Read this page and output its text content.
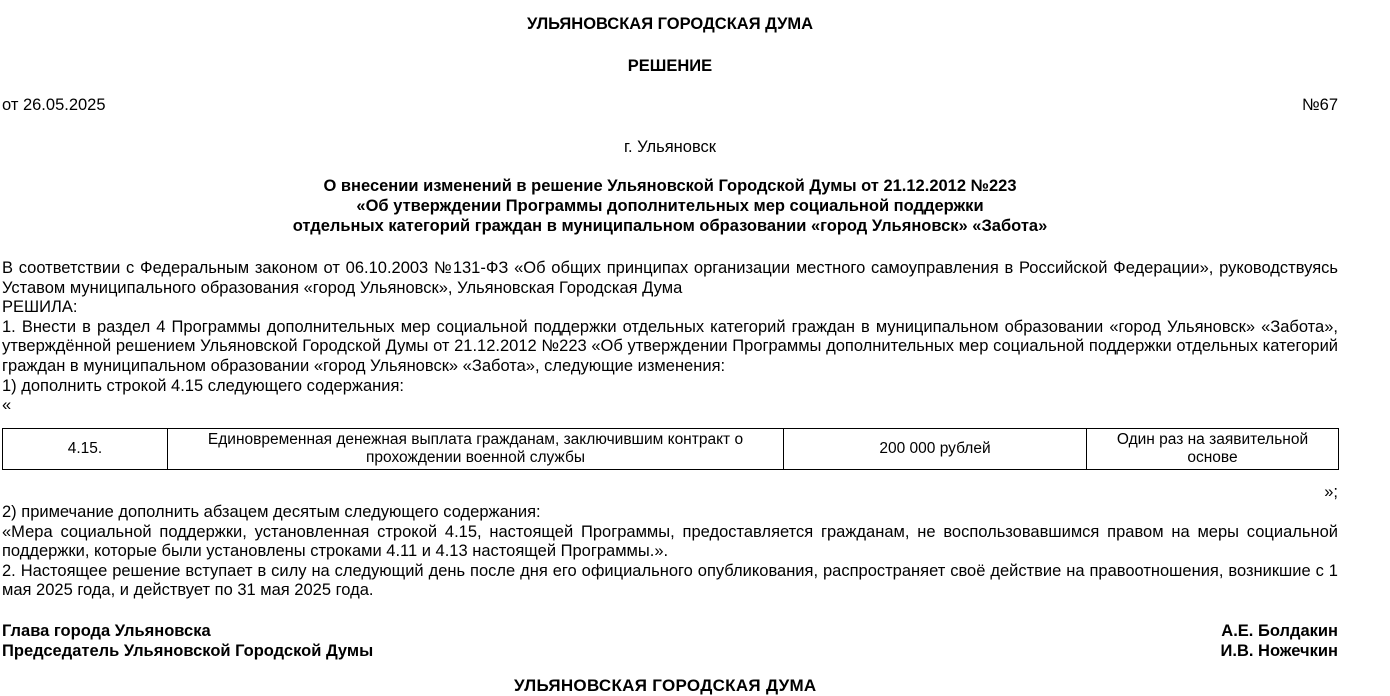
УЛЬЯНОВСКАЯ ГОРОДСКАЯ ДУМА
РЕШЕНИЕ
от 26.05.2025	№67
г. Ульяновск
О внесении изменений в решение Ульяновской Городской Думы от 21.12.2012 №223
«Об утверждении Программы дополнительных мер социальной поддержки
отдельных категорий граждан в муниципальном образовании «город Ульяновск» «Забота»

В соответствии с Федеральным законом от 06.10.2003 №131-ФЗ «Об общих принципах организации местного самоуправления в Российской Федерации», руководствуясь Уставом муниципального образования «город Ульяновск», Ульяновская Городская Дума

РЕШИЛА:

1. Внести в раздел 4 Программы дополнительных мер социальной поддержки отдельных категорий граждан в муниципальном образовании «город Ульяновск» «Забота», утверждённой решением Ульяновской Городской Думы от 21.12.2012 №223 «Об утверждении Программы дополнительных мер социальной поддержки отдельных категорий граждан в муниципальном образовании «город Ульяновск» «Забота», следующие изменения:

1) дополнить строкой 4.15 следующего содержания:

«

4.15.	Единовременная денежная выплата гражданам, заключившим контракт о прохождении военной службы	200 000 рублей	Один раз на заявительной основе
»;

2) примечание дополнить абзацем десятым следующего содержания:

«Мера социальной поддержки, установленная строкой 4.15, настоящей Программы, предоставляется гражданам, не воспользовавшимся правом на меры социальной поддержки, которые были установлены строками 4.11 и 4.13 настоящей Программы.».

2. Настоящее решение вступает в силу на следующий день после дня его официального опубликования, распространяет своё действие на правоотношения, возникшие с 1 мая 2025 года, и действует по 31 мая 2025 года.

Глава города Ульяновска
Председатель Ульяновской Городской Думы
А.Е. Болдакин
И.В. Ножечкин
УЛЬЯНОВСКАЯ ГОРОДСКАЯ ДУМА
